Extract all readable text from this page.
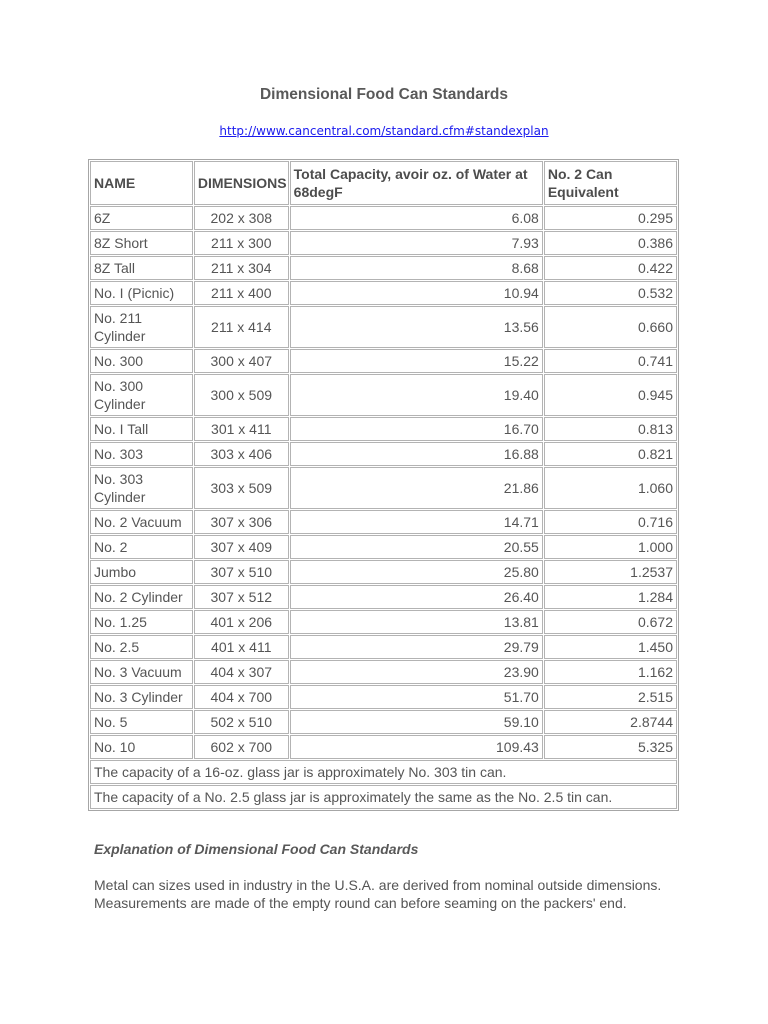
Dimensional Food Can Standards
http://www.cancentral.com/standard.cfm#standexplan
NAME	DIMENSIONS	Total Capacity, avoir oz. of Water at 68degF	No. 2 Can Equivalent
6Z	202 x 308	6.08	0.295
8Z Short	211 x 300	7.93	0.386
8Z Tall	211 x 304	8.68	0.422
No. I (Picnic)	211 x 400	10.94	0.532
No. 211 Cylinder	211 x 414	13.56	0.660
No. 300	300 x 407	15.22	0.741
No. 300 Cylinder	300 x 509	19.40	0.945
No. I Tall	301 x 411	16.70	0.813
No. 303	303 x 406	16.88	0.821
No. 303 Cylinder	303 x 509	21.86	1.060
No. 2 Vacuum	307 x 306	14.71	0.716
No. 2	307 x 409	20.55	1.000
Jumbo	307 x 510	25.80	1.2537
No. 2 Cylinder	307 x 512	26.40	1.284
No. 1.25	401 x 206	13.81	0.672
No. 2.5	401 x 411	29.79	1.450
No. 3 Vacuum	404 x 307	23.90	1.162
No. 3 Cylinder	404 x 700	51.70	2.515
No. 5	502 x 510	59.10	2.8744
No. 10	602 x 700	109.43	5.325
The capacity of a 16-oz. glass jar is approximately No. 303 tin can.			
The capacity of a No. 2.5 glass jar is approximately the same as the No. 2.5 tin can.			
Explanation of Dimensional Food Can Standards
Metal can sizes used in industry in the U.S.A. are derived from nominal outside dimensions. Measurements are made of the empty round can before seaming on the packers' end.
